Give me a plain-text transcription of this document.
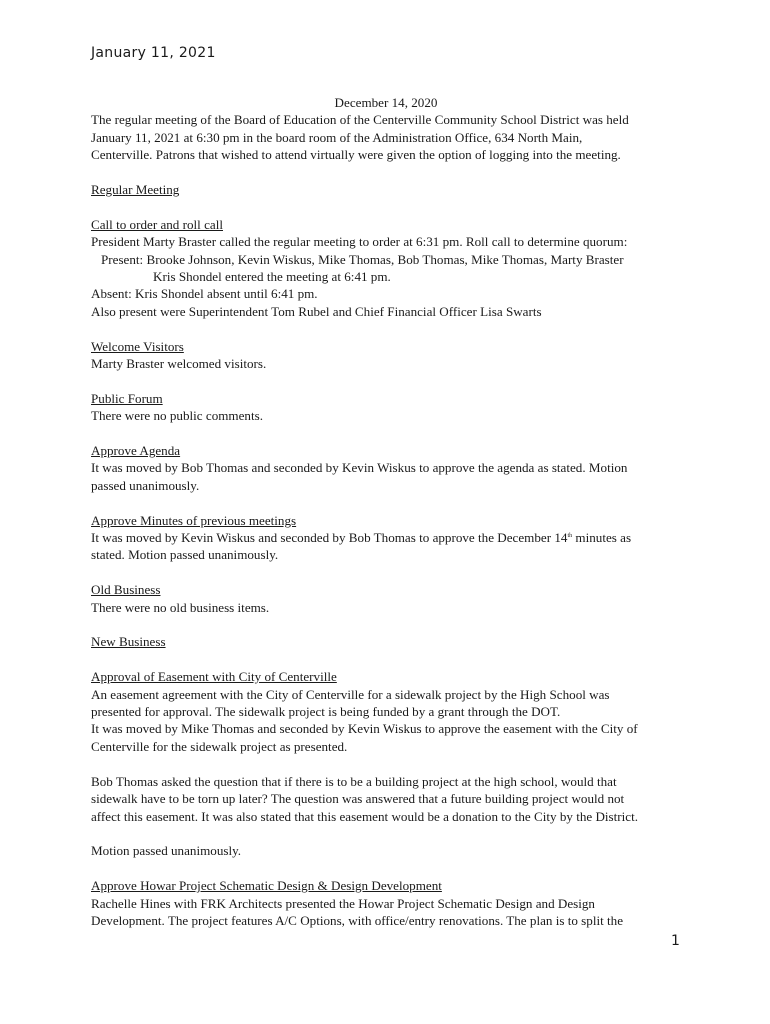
January 11, 2021

December 14, 2020

The regular meeting of the Board of Education of the Centerville Community School District was held

January 11, 2021 at 6:30 pm in the board room of the Administration Office, 634 North Main,

Centerville. Patrons that wished to attend virtually were given the option of logging into the meeting.

Regular Meeting

Call to order and roll call

President Marty Braster called the regular meeting to order at 6:31 pm. Roll call to determine quorum:

Present: Brooke Johnson, Kevin Wiskus, Mike Thomas, Bob Thomas, Mike Thomas, Marty Braster

Kris Shondel entered the meeting at 6:41 pm.

Absent: Kris Shondel absent until 6:41 pm.

Also present were Superintendent Tom Rubel and Chief Financial Officer Lisa Swarts

Welcome Visitors

Marty Braster welcomed visitors.

Public Forum

There were no public comments.

Approve Agenda

It was moved by Bob Thomas and seconded by Kevin Wiskus to approve the agenda as stated. Motion

passed unanimously.

Approve Minutes of previous meetings

It was moved by Kevin Wiskus and seconded by Bob Thomas to approve the December 14th minutes as

stated. Motion passed unanimously.

Old Business

There were no old business items.

New Business

Approval of Easement with City of Centerville

An easement agreement with the City of Centerville for a sidewalk project by the High School was

presented for approval. The sidewalk project is being funded by a grant through the DOT.

It was moved by Mike Thomas and seconded by Kevin Wiskus to approve the easement with the City of

Centerville for the sidewalk project as presented.

Bob Thomas asked the question that if there is to be a building project at the high school, would that

sidewalk have to be torn up later? The question was answered that a future building project would not

affect this easement. It was also stated that this easement would be a donation to the City by the District.

Motion passed unanimously.

Approve Howar Project Schematic Design & Design Development

Rachelle Hines with FRK Architects presented the Howar Project Schematic Design and Design

Development. The project features A/C Options, with office/entry renovations. The plan is to split the

1
